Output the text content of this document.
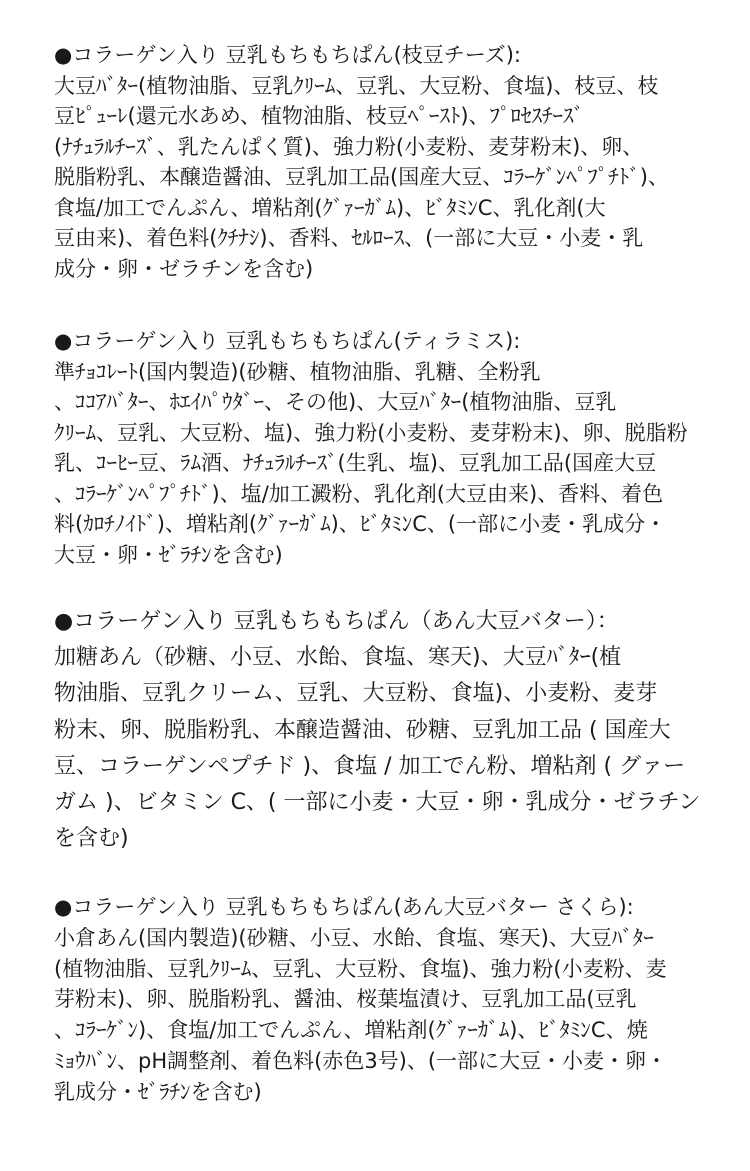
●コラーゲン入り 豆乳もちもちぱん(枝豆チーズ):
大豆ﾊﾞﾀｰ(植物油脂、豆乳ｸﾘｰﾑ、豆乳、大豆粉、食塩)、枝豆、枝
豆ﾋﾟｭｰﾚ(還元水あめ、植物油脂、枝豆ﾍﾟｰｽﾄ)、ﾌﾟﾛｾｽﾁｰｽﾞ
(ﾅﾁｭﾗﾙﾁｰｽﾞ、乳たんぱく質)、強力粉(小麦粉、麦芽粉末)、卵、
脱脂粉乳、本醸造醤油、豆乳加工品(国産大豆、ｺﾗｰｹﾞﾝﾍﾟﾌﾟﾁﾄﾞ)、
食塩/加工でんぷん、増粘剤(ｸﾞｧｰｶﾞﾑ)、ﾋﾞﾀﾐﾝC、乳化剤(大
豆由来)、着色料(ｸﾁﾅｼ)、香料、ｾﾙﾛｰｽ、(一部に大豆・小麦・乳
成分・卵・ゼラチンを含む)
●コラーゲン入り 豆乳もちもちぱん(ティラミス):
準ﾁｮｺﾚｰﾄ(国内製造)(砂糖、植物油脂、乳糖、全粉乳
、ｺｺｱﾊﾞﾀｰ、ﾎｴｲﾊﾟｳﾀﾞｰ、その他)、大豆ﾊﾞﾀｰ(植物油脂、豆乳
ｸﾘｰﾑ、豆乳、大豆粉、塩)、強力粉(小麦粉、麦芽粉末)、卵、脱脂粉
乳、ｺｰﾋｰ豆、ﾗﾑ酒、ﾅﾁｭﾗﾙﾁｰｽﾞ(生乳、塩)、豆乳加工品(国産大豆
、ｺﾗｰｹﾞﾝﾍﾟﾌﾟﾁﾄﾞ)、塩/加工澱粉、乳化剤(大豆由来)、香料、着色
料(ｶﾛﾁﾉｲﾄﾞ)、増粘剤(ｸﾞｧｰｶﾞﾑ)、ﾋﾞﾀﾐﾝC、(一部に小麦・乳成分・
大豆・卵・ｾﾞﾗﾁﾝを含む)
●コラーゲン入り 豆乳もちもちぱん（あん大豆バター）：
加糖あん（砂糖、小豆、水飴、食塩、寒天)、大豆ﾊﾞﾀｰ(植
物油脂、豆乳クリーム、豆乳、大豆粉、食塩)、小麦粉、麦芽
粉末、卵、脱脂粉乳、本醸造醤油、砂糖、豆乳加工品 ( 国産大
豆、コラーゲンペプチド )、食塩 / 加工でん粉、増粘剤 ( グァー
ガム )、ビタミン C、( 一部に小麦・大豆・卵・乳成分・ゼラチン
を含む)
●コラーゲン入り 豆乳もちもちぱん(あん大豆バター さくら):
小倉あん(国内製造)(砂糖、小豆、水飴、食塩、寒天)、大豆ﾊﾞﾀｰ
(植物油脂、豆乳ｸﾘｰﾑ、豆乳、大豆粉、食塩)、強力粉(小麦粉、麦
芽粉末)、卵、脱脂粉乳、醤油、桜葉塩漬け、豆乳加工品(豆乳
、ｺﾗｰｹﾞﾝ)、食塩/加工でんぷん、増粘剤(ｸﾞｧｰｶﾞﾑ)、ﾋﾞﾀﾐﾝC、焼
ﾐｮｳﾊﾞﾝ、pH調整剤、着色料(赤色3号)、(一部に大豆・小麦・卵・
乳成分・ｾﾞﾗﾁﾝを含む)
